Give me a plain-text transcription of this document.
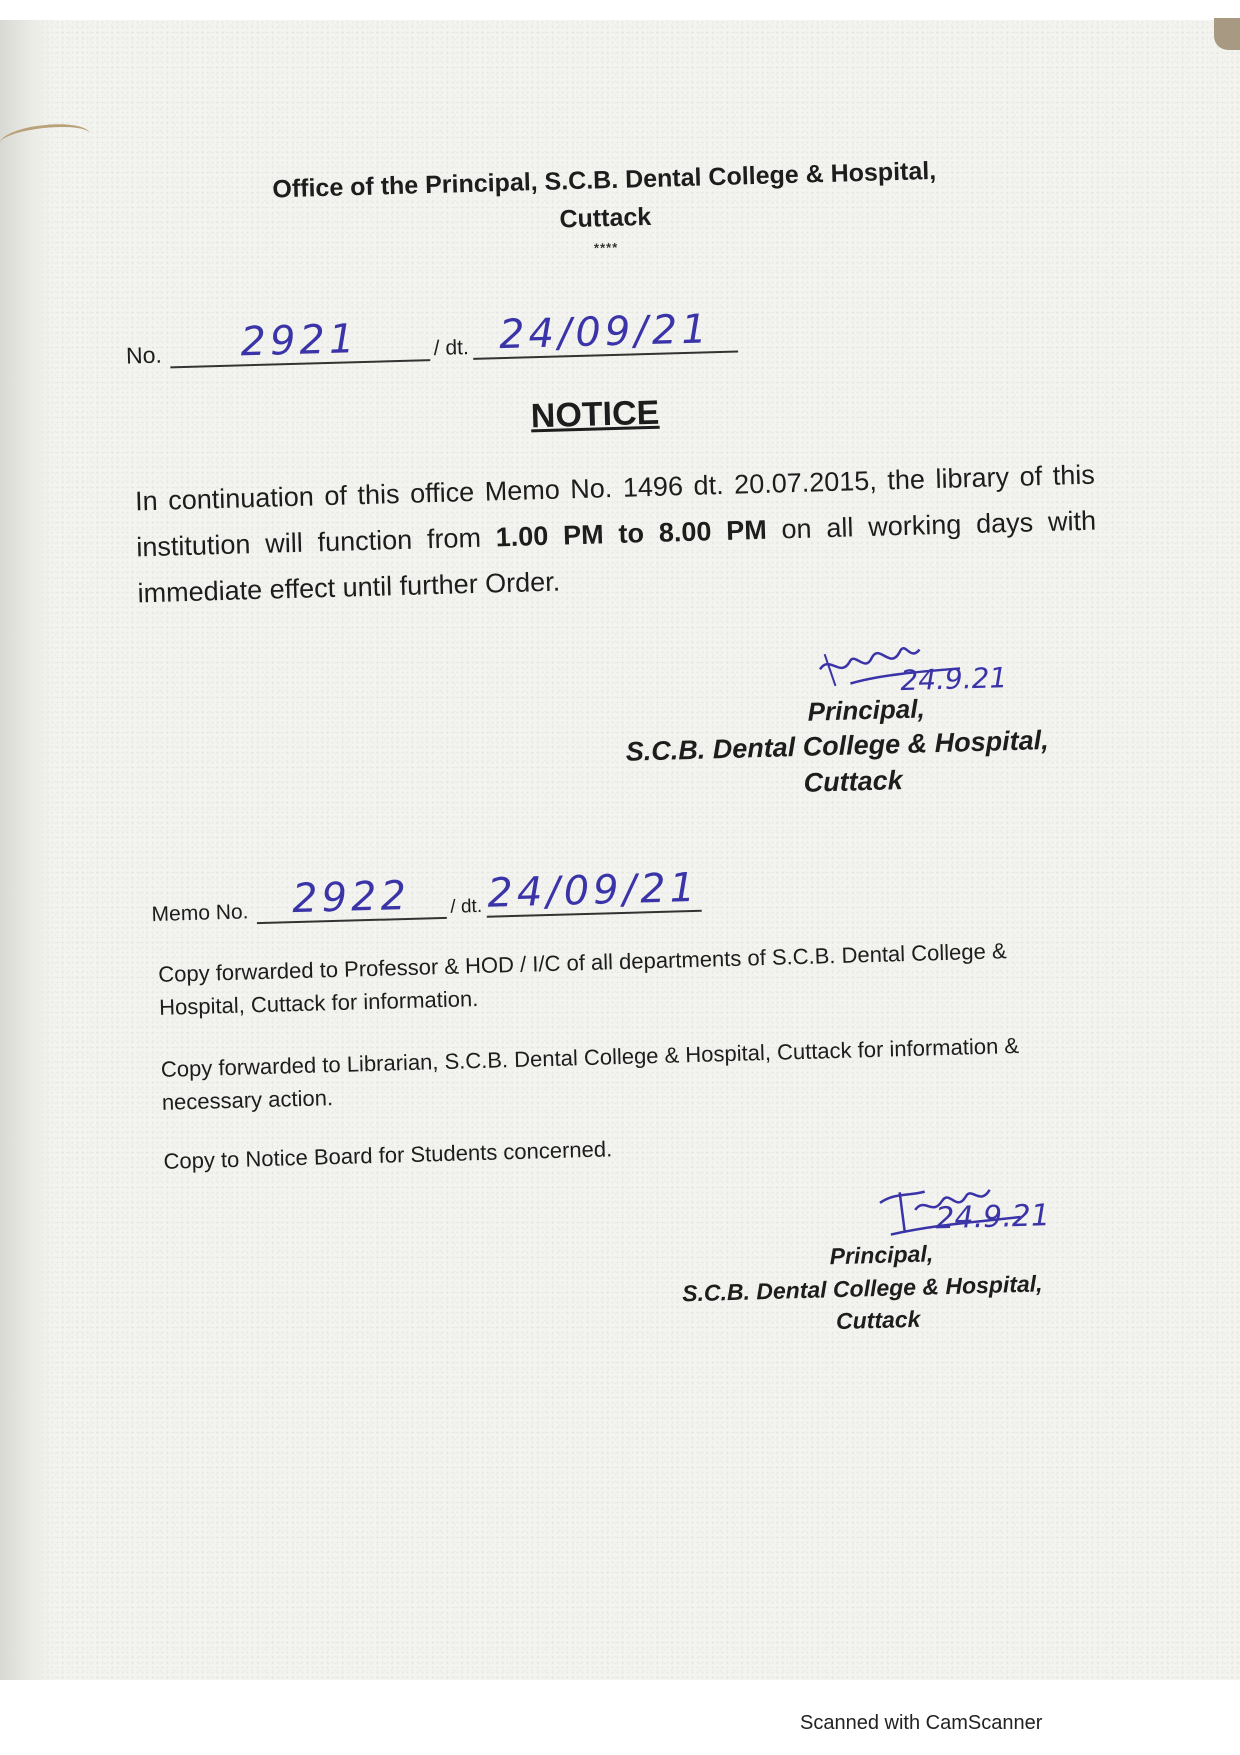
Office of the Principal, S.C.B. Dental College & Hospital,
Cuttack
****
No.	2921	/ dt. 24/09/21
NOTICE
In continuation of this office Memo No. 1496 dt. 20.07.2015, the library of this institution will function from 1.00 PM to 8.00 PM on all working days with immediate effect until further Order.
24.9.21
Principal,
S.C.B. Dental College & Hospital,
Cuttack
Memo No.	2922	/ dt. 24/09/21
Copy forwarded to Professor & HOD / I/C of all departments of S.C.B. Dental College & Hospital, Cuttack for information.
Copy forwarded to Librarian, S.C.B. Dental College & Hospital, Cuttack for information & necessary action.
Copy to Notice Board for Students concerned.
24.9.21
Principal,
S.C.B. Dental College & Hospital,
Cuttack
Scanned with CamScanner
